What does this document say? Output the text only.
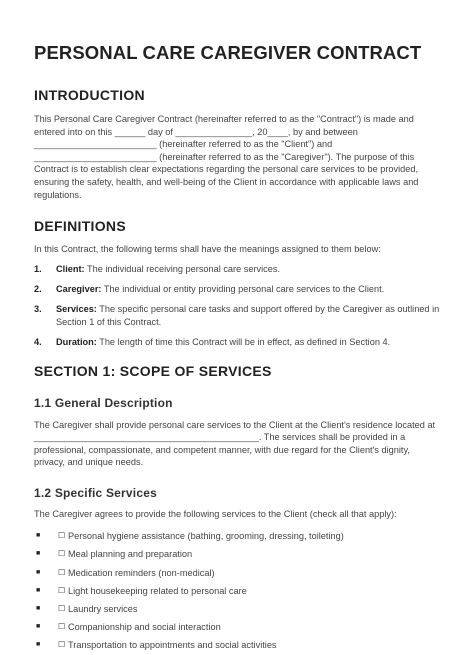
PERSONAL CARE CAREGIVER CONTRACT
INTRODUCTION

This Personal Care Caregiver Contract (hereinafter referred to as the "Contract") is made and entered into on this ______ day of _______________, 20____, by and between ________________________ (hereinafter referred to as the "Client") and ________________________ (hereinafter referred to as the "Caregiver"). The purpose of this Contract is to establish clear expectations regarding the personal care services to be provided, ensuring the safety, health, and well-being of the Client in accordance with applicable laws and regulations.

DEFINITIONS

In this Contract, the following terms shall have the meanings assigned to them below:

1.	Client: The individual receiving personal care services.
2.	Caregiver: The individual or entity providing personal care services to the Client.
3.	Services: The specific personal care tasks and support offered by the Caregiver as outlined in Section 1 of this Contract.
4.	Duration: The length of time this Contract will be in effect, as defined in Section 4.
SECTION 1: SCOPE OF SERVICES
1.1 General Description

The Caregiver shall provide personal care services to the Client at the Client's residence located at ____________________________________________. The services shall be provided in a professional, compassionate, and competent manner, with due regard for the Client's dignity, privacy, and unique needs.

1.2 Specific Services

The Caregiver agrees to provide the following services to the Client (check all that apply):

■	☐ Personal hygiene assistance (bathing, grooming, dressing, toileting)
■	☐ Meal planning and preparation
■	☐ Medication reminders (non-medical)
■	☐ Light housekeeping related to personal care
■	☐ Laundry services
■	☐ Companionship and social interaction
■	☐ Transportation to appointments and social activities
